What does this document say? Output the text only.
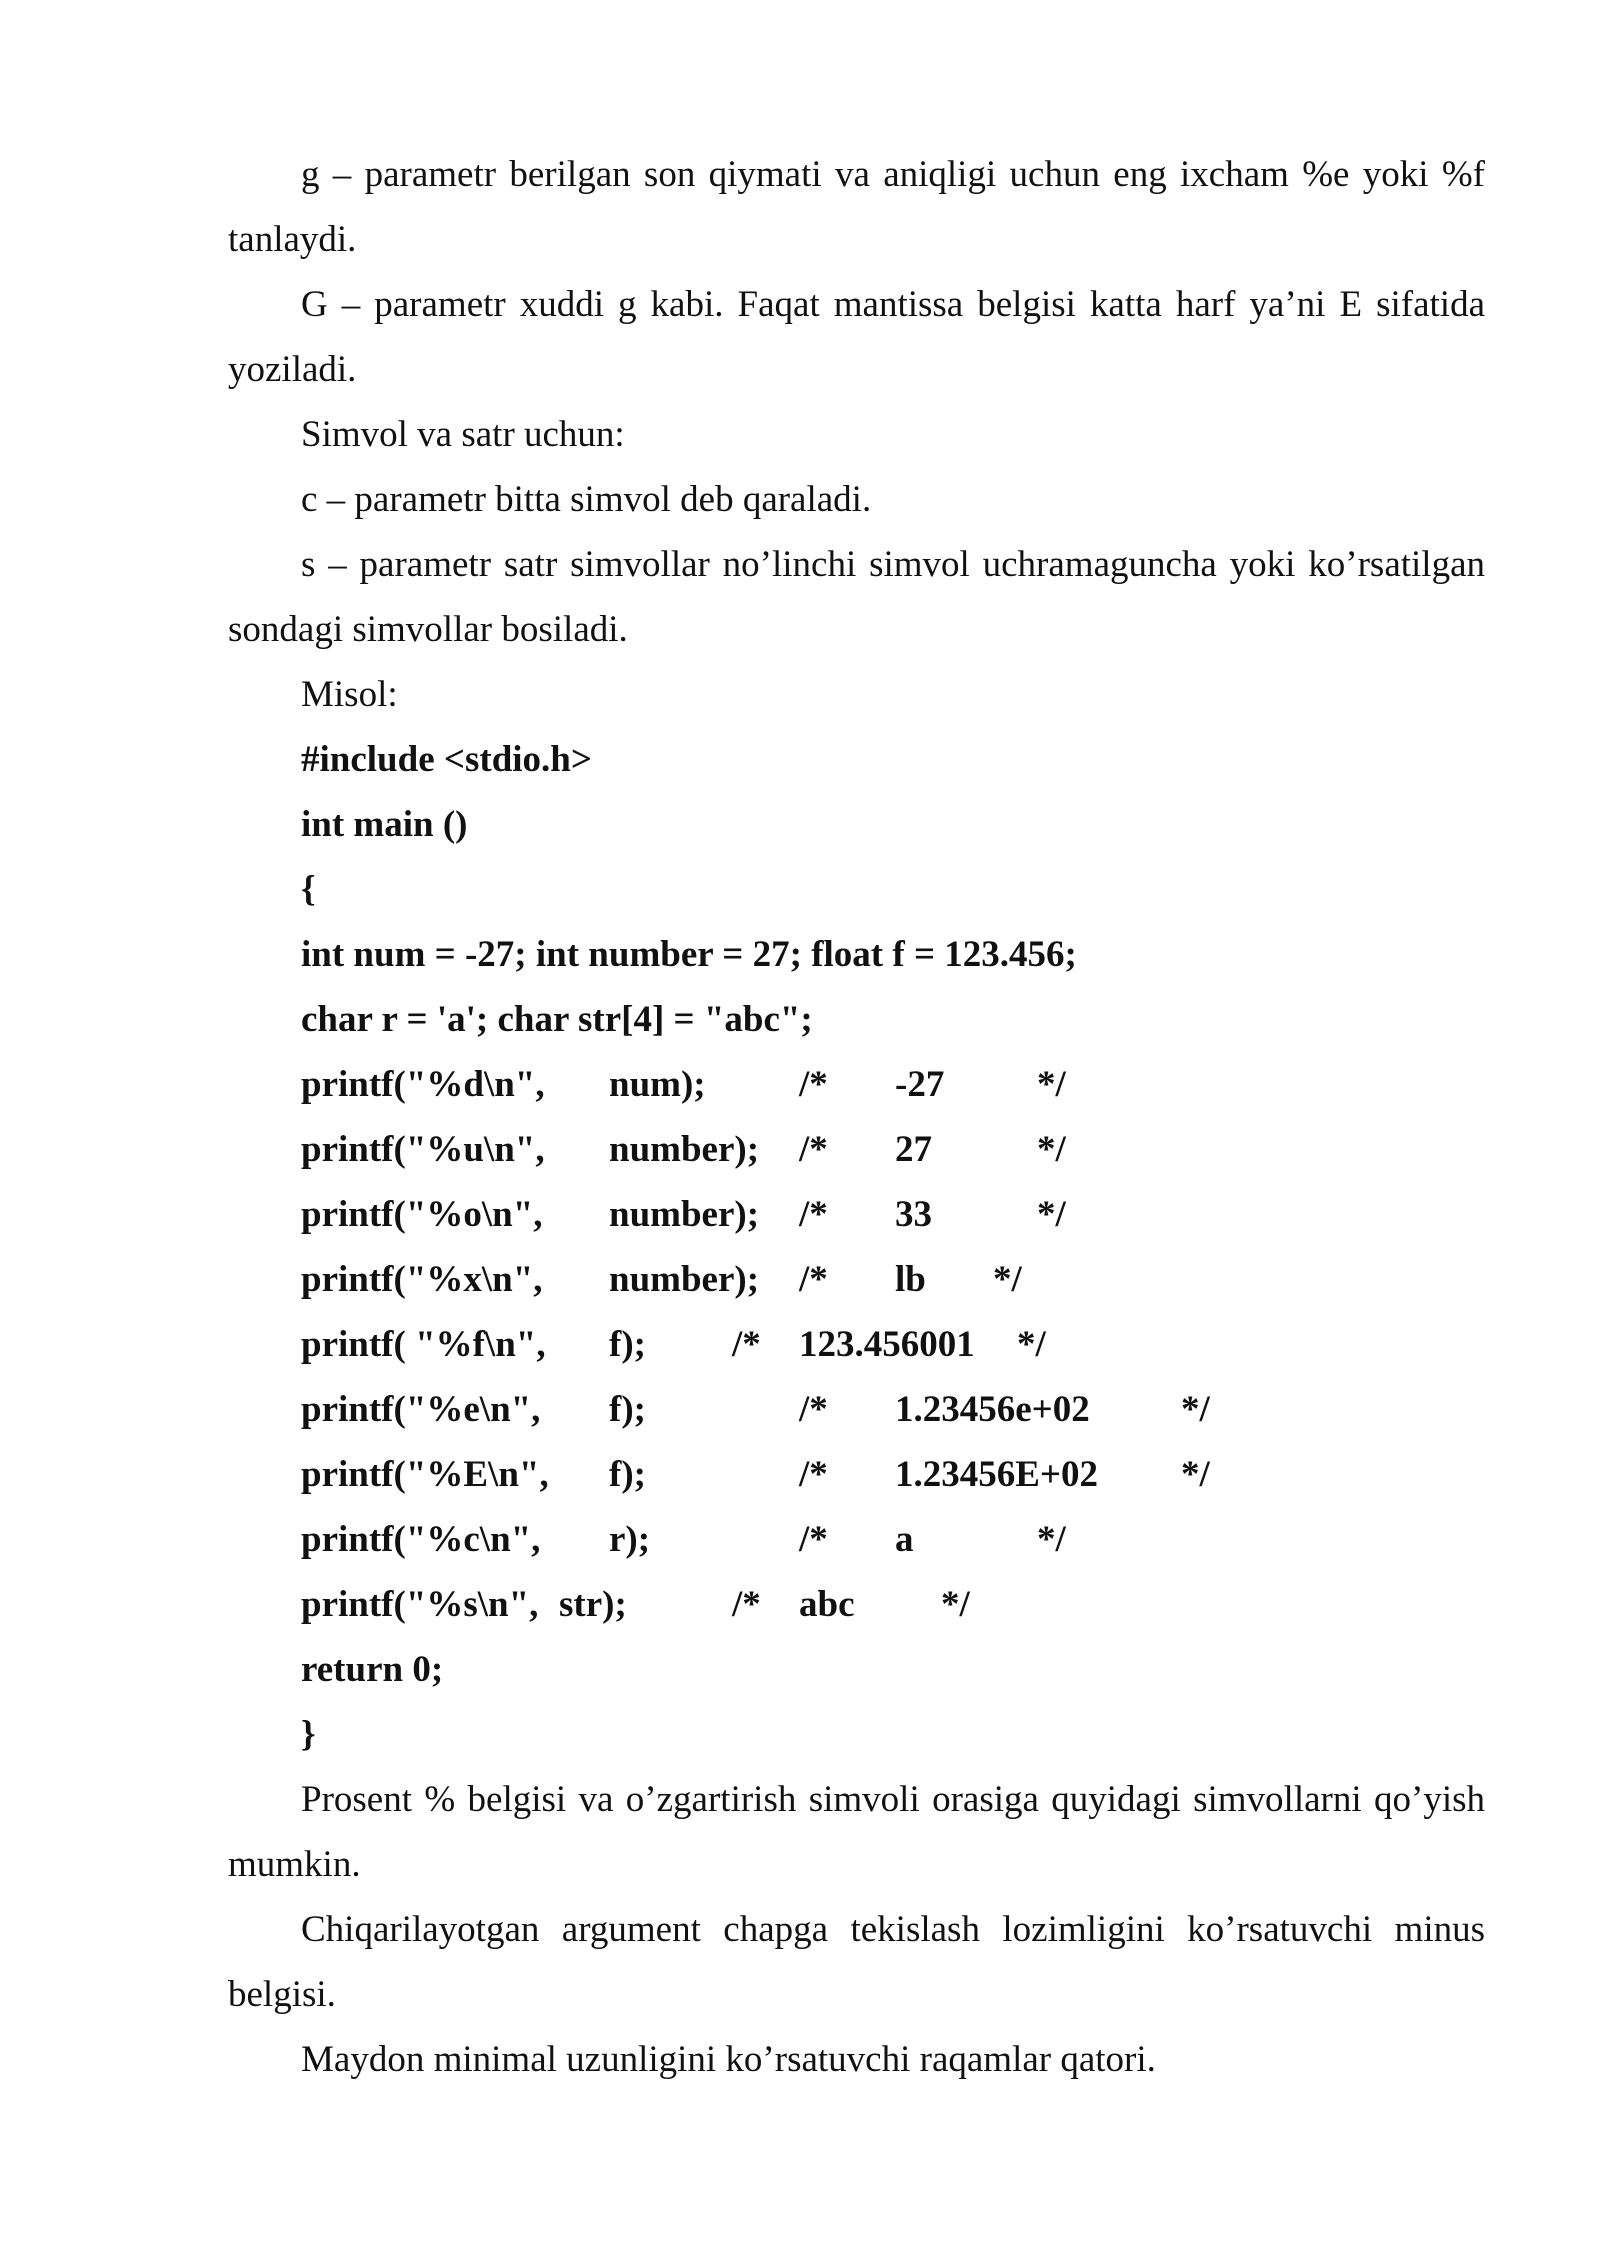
g – parametr berilgan son qiymati va aniqligi uchun eng ixcham %e yoki %f
tanlaydi.
G – parametr xuddi g kabi. Faqat mantissa belgisi katta harf ya’ni E sifatida
yoziladi.
Simvol va satr uchun:
c – parametr bitta simvol deb qaraladi.
s – parametr satr simvollar no’linchi simvol uchramaguncha yoki ko’rsatilgan
sondagi simvollar bosiladi.
Misol:
#include <stdio.h>
int main ()
{
int num = -27; int number = 27; float f = 123.456;
char r = 'a'; char str[4] = "abc";
printf("%d\n", num);	/* -27	*/
printf("%u\n", number); /* 27	*/
printf("%o\n", number); /* 33	*/
printf("%x\n", number); /* lb */
printf( "%f\n", f); /* 123.456001 */
printf("%e\n", f);	/* 1.23456e+02 */
printf("%E\n", f);	/* 1.23456E+02 */
printf("%c\n", r);	/* a	*/
printf("%s\n", str);	/* abc */
return 0;
}
Prosent % belgisi va o’zgartirish simvoli orasiga quyidagi simvollarni qo’yish
mumkin.
Chiqarilayotgan argument chapga tekislash lozimligini ko’rsatuvchi minus
belgisi.
Maydon minimal uzunligini ko’rsatuvchi raqamlar qatori.
